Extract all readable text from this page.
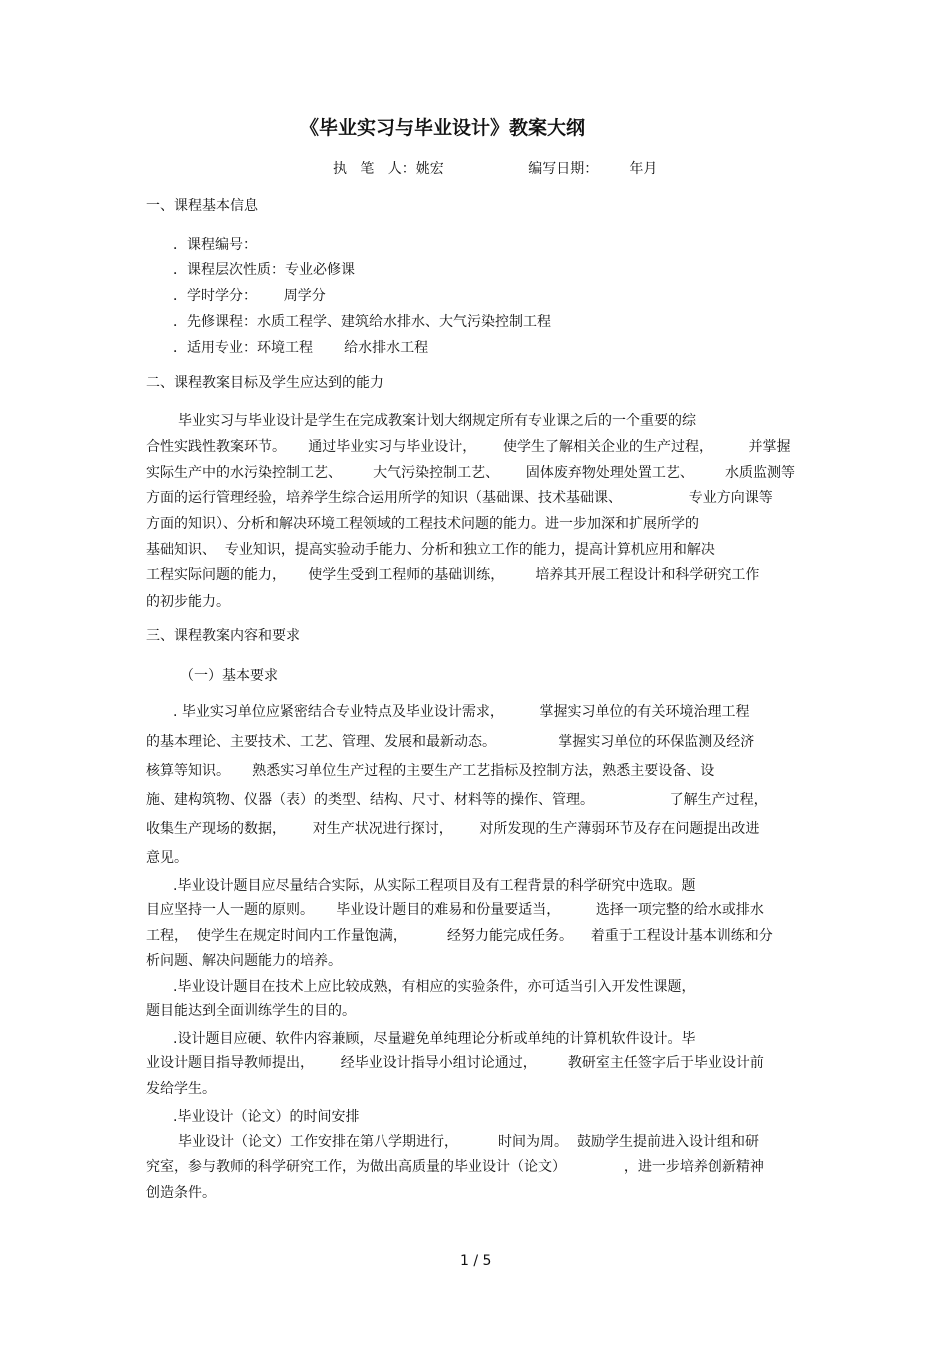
《毕业实习与毕业设计》教案大纲

执   笔   人：姚宏                   编写日期：       年月

一、课程基本信息

．课程编号：

．课程层次性质：专业必修课

．学时学分：      周学分

．先修课程：水质工程学、建筑给水排水、大气污染控制工程

．适用专业：环境工程       给水排水工程

二、课程教案目标及学生应达到的能力

毕业实习与毕业设计是学生在完成教案计划大纲规定所有专业课之后的一个重要的综

合性实践性教案环节。     通过毕业实习与毕业设计，      使学生了解相关企业的生产过程，        并掌握

实际生产中的水污染控制工艺、       大气污染控制工艺、      固体废弃物处理处置工艺、       水质监测等

方面的运行管理经验，培养学生综合运用所学的知识（基础课、技术基础课、               专业方向课等

方面的知识）、分析和解决环境工程领域的工程技术问题的能力。进一步加深和扩展所学的

基础知识、  专业知识，提高实验动手能力、分析和独立工作的能力，提高计算机应用和解决

工程实际问题的能力，     使学生受到工程师的基础训练，       培养其开展工程设计和科学研究工作

的初步能力。

三、课程教案内容和要求

（一）基本要求

. 毕业实习单位应紧密结合专业特点及毕业设计需求，        掌握实习单位的有关环境治理工程

的基本理论、主要技术、工艺、管理、发展和最新动态。              掌握实习单位的环保监测及经济

核算等知识。     熟悉实习单位生产过程的主要生产工艺指标及控制方法，熟悉主要设备、设

施、建构筑物、仪器（表）的类型、结构、尺寸、材料等的操作、管理。                 了解生产过程，

收集生产现场的数据，      对生产状况进行探讨，      对所发现的生产薄弱环节及存在问题提出改进

意见。

.毕业设计题目应尽量结合实际，从实际工程项目及有工程背景的科学研究中选取。题

目应坚持一人一题的原则。     毕业设计题目的难易和份量要适当，        选择一项完整的给水或排水

工程，  使学生在规定时间内工作量饱满，         经努力能完成任务。    着重于工程设计基本训练和分

析问题、解决问题能力的培养。

.毕业设计题目在技术上应比较成熟，有相应的实验条件，亦可适当引入开发性课题，

题目能达到全面训练学生的目的。

.设计题目应硬、软件内容兼顾，尽量避免单纯理论分析或单纯的计算机软件设计。毕

业设计题目指导教师提出，      经毕业设计指导小组讨论通过，       教研室主任签字后于毕业设计前

发给学生。

.毕业设计（论文）的时间安排

毕业设计（论文）工作安排在第八学期进行，         时间为周。  鼓励学生提前进入设计组和研

究室，参与教师的科学研究工作，为做出高质量的毕业设计（论文）             ，进一步培养创新精神

创造条件。

1 / 5
